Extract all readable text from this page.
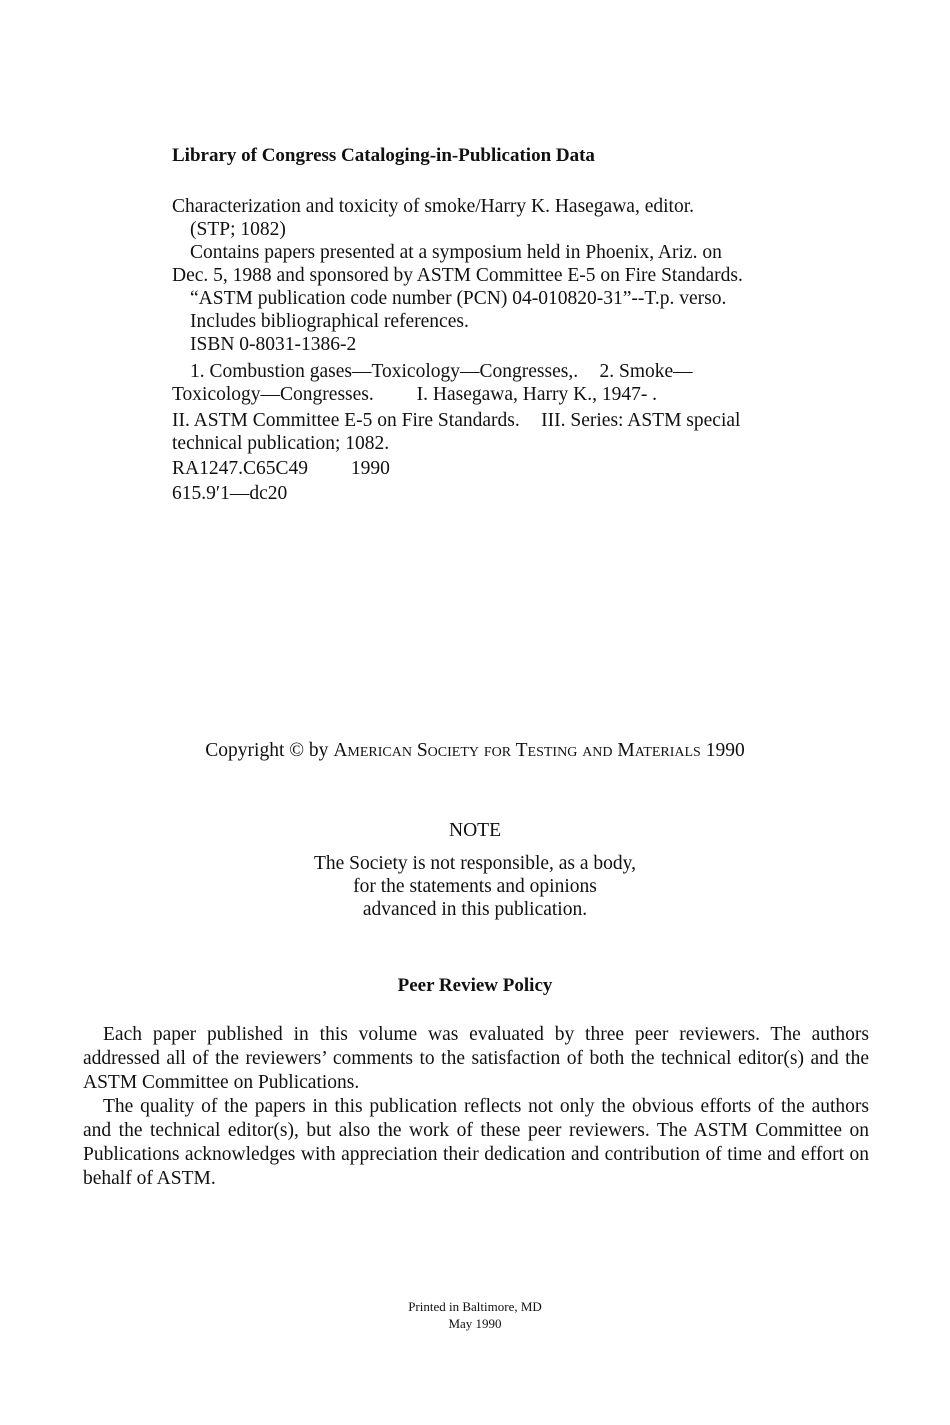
Library of Congress Cataloging-in-Publication Data
Characterization and toxicity of smoke/Harry K. Hasegawa, editor.
(STP; 1082)
Contains papers presented at a symposium held in Phoenix, Ariz. on
Dec. 5, 1988 and sponsored by ASTM Committee E-5 on Fire Standards.
“ASTM publication code number (PCN) 04-010820-31”--T.p. verso.
Includes bibliographical references.
ISBN 0-8031-1386-2
1. Combustion gases—Toxicology—Congresses,. 2. Smoke—
Toxicology—Congresses. I. Hasegawa, Harry K., 1947- .
II. ASTM Committee E-5 on Fire Standards. III. Series: ASTM special
technical publication; 1082.
RA1247.C65C49 1990
615.9′1—dc20
Copyright © by American Society for Testing and Materials 1990
NOTE
The Society is not responsible, as a body,
for the statements and opinions
advanced in this publication.
Peer Review Policy

Each paper published in this volume was evaluated by three peer reviewers. The authors addressed all of the reviewers’ comments to the satisfaction of both the technical editor(s) and the ASTM Committee on Publications.

The quality of the papers in this publication reflects not only the obvious efforts of the authors and the technical editor(s), but also the work of these peer reviewers. The ASTM Committee on Publications acknowledges with appreciation their dedication and contribution of time and effort on behalf of ASTM.

Printed in Baltimore, MD
May 1990
